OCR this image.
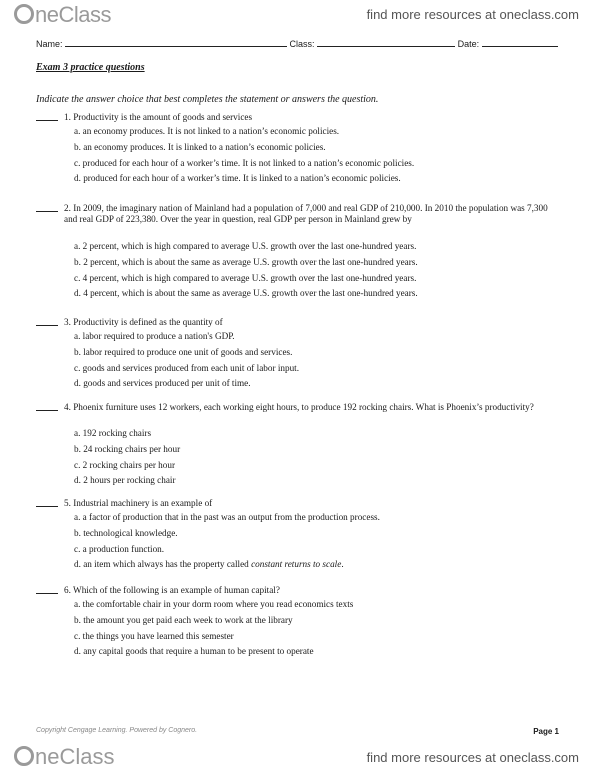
neClass	find more resources at oneclass.com
Name:	Class:	Date:
Exam 3 practice questions
Indicate the answer choice that best completes the statement or answers the question.
1. Productivity is the amount of goods and services
a. an economy produces. It is not linked to a nation’s economic policies.
b. an economy produces. It is linked to a nation’s economic policies.
c. produced for each hour of a worker’s time. It is not linked to a nation’s economic policies.
d. produced for each hour of a worker’s time. It is linked to a nation’s economic policies.
2. In 2009, the imaginary nation of Mainland had a population of 7,000 and real GDP of 210,000. In 2010 the population was 7,300 and real GDP of 223,380. Over the year in question, real GDP per person in Mainland grew by
a. 2 percent, which is high compared to average U.S. growth over the last one-hundred years.
b. 2 percent, which is about the same as average U.S. growth over the last one-hundred years.
c. 4 percent, which is high compared to average U.S. growth over the last one-hundred years.
d. 4 percent, which is about the same as average U.S. growth over the last one-hundred years.
3. Productivity is defined as the quantity of
a. labor required to produce a nation's GDP.
b. labor required to produce one unit of goods and services.
c. goods and services produced from each unit of labor input.
d. goods and services produced per unit of time.
4. Phoenix furniture uses 12 workers, each working eight hours, to produce 192 rocking chairs. What is Phoenix’s productivity?
a. 192 rocking chairs
b. 24 rocking chairs per hour
c. 2 rocking chairs per hour
d. 2 hours per rocking chair
5. Industrial machinery is an example of
a. a factor of production that in the past was an output from the production process.
b. technological knowledge.
c. a production function.
d. an item which always has the property called constant returns to scale.
6. Which of the following is an example of human capital?
a. the comfortable chair in your dorm room where you read economics texts
b. the amount you get paid each week to work at the library
c. the things you have learned this semester
d. any capital goods that require a human to be present to operate
Copyright Cengage Learning. Powered by Cognero.	Page 1
neClass	find more resources at oneclass.com
